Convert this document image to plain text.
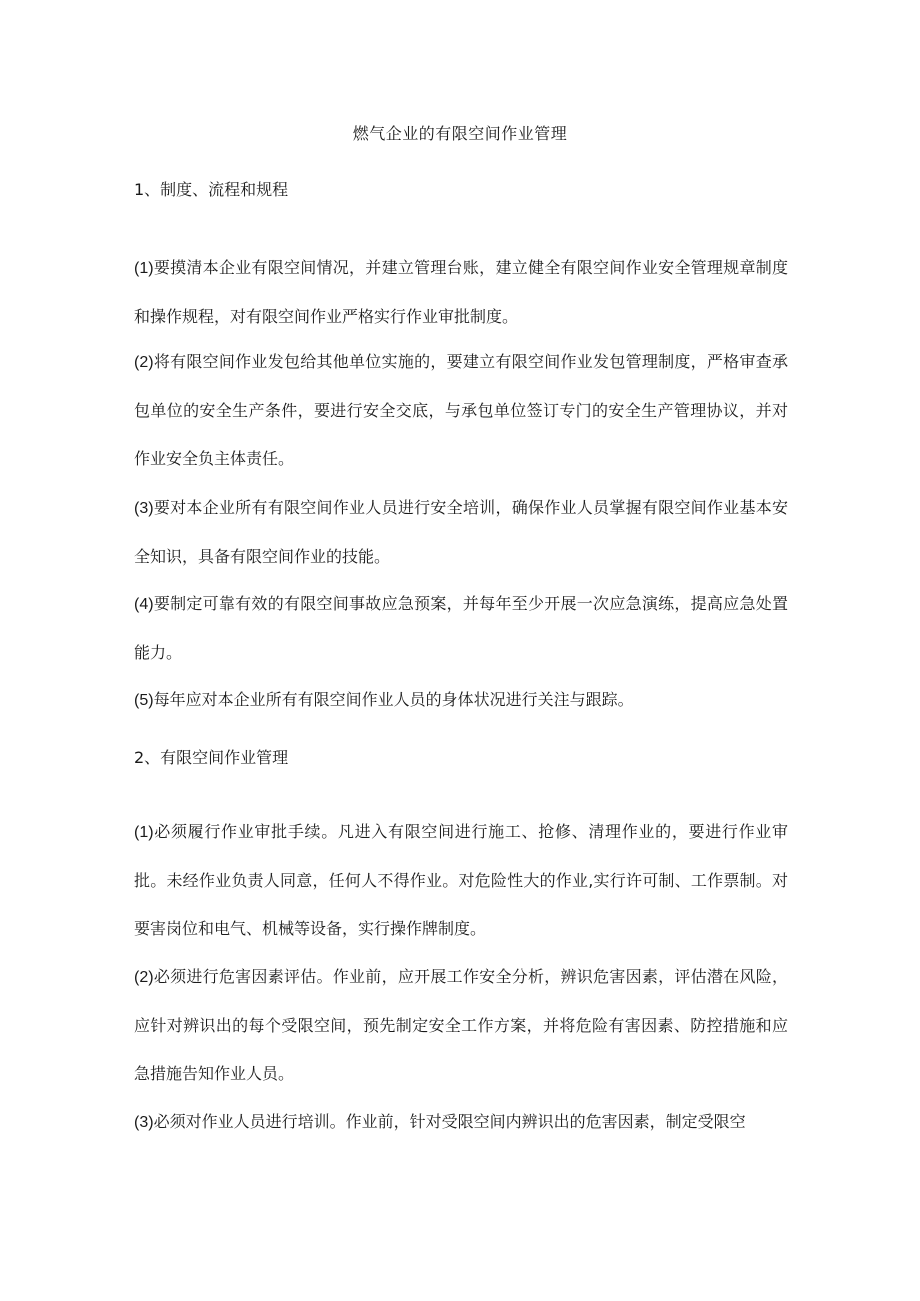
燃气企业的有限空间作业管理
1、制度、流程和规程
(1)要摸清本企业有限空间情况，并建立管理台账，建立健全有限空间作业安全管理规章制度和操作规程，对有限空间作业严格实行作业审批制度。
(2)将有限空间作业发包给其他单位实施的，要建立有限空间作业发包管理制度，严格审查承包单位的安全生产条件，要进行安全交底，与承包单位签订专门的安全生产管理协议，并对作业安全负主体责任。
(3)要对本企业所有有限空间作业人员进行安全培训，确保作业人员掌握有限空间作业基本安全知识，具备有限空间作业的技能。
(4)要制定可靠有效的有限空间事故应急预案，并每年至少开展一次应急演练，提高应急处置能力。
(5)每年应对本企业所有有限空间作业人员的身体状况进行关注与跟踪。
2、有限空间作业管理
(1)必须履行作业审批手续。凡进入有限空间进行施工、抢修、清理作业的，要进行作业审批。未经作业负责人同意，任何人不得作业。对危险性大的作业,实行许可制、工作票制。对要害岗位和电气、机械等设备，实行操作牌制度。
(2)必须进行危害因素评估。作业前，应开展工作安全分析，辨识危害因素，评估潜在风险，应针对辨识出的每个受限空间，预先制定安全工作方案，并将危险有害因素、防控措施和应急措施告知作业人员。
(3)必须对作业人员进行培训。作业前，针对受限空间内辨识出的危害因素，制定受限空
